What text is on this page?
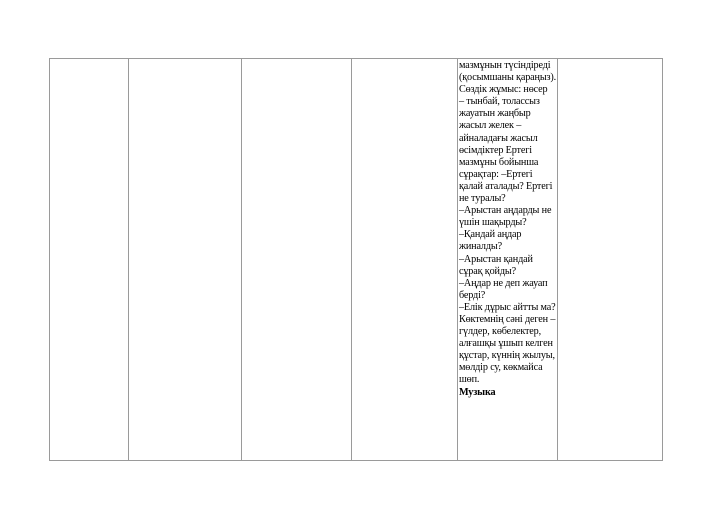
мазмұнын түсіндіреді
(қосымшаны қараңыз).
Сөздік жұмыс: нөсер
– тынбай, толассыз
жауатын жаңбыр
жасыл желек –
айналадағы жасыл
өсімдіктер Ертегі
мазмұны бойынша
сұрақтар: –Ертегі
қалай аталады? Ертегі
не туралы?
–Арыстан аңдарды не
үшін шақырды?
–Қандай аңдар
жиналды?
–Арыстан қандай
сұрақ қойды?
–Аңдар не деп жауап
берді?
–Елік дұрыс айтты ма?
Көктемнің сәні деген –
гүлдер, көбелектер,
алғашқы ұшып келген
құстар, күннің жылуы,
мөлдір су, көкмайса
шөп.
Музыка
